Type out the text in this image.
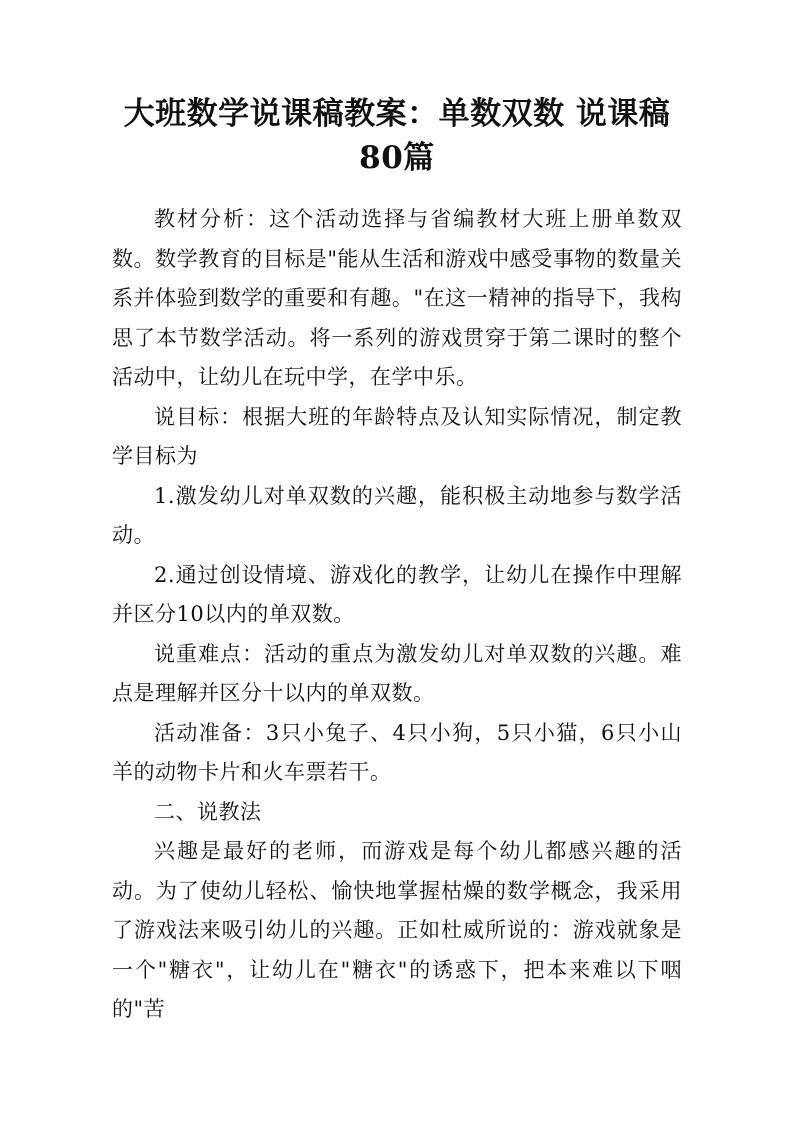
大班数学说课稿教案：单数双数 说课稿 80篇

教材分析：这个活动选择与省编教材大班上册单数双数。数学教育的目标是"能从生活和游戏中感受事物的数量关系并体验到数学的重要和有趣。"在这一精神的指导下，我构思了本节数学活动。将一系列的游戏贯穿于第二课时的整个活动中，让幼儿在玩中学，在学中乐。

说目标：根据大班的年龄特点及认知实际情况，制定教学目标为

1.激发幼儿对单双数的兴趣，能积极主动地参与数学活动。

2.通过创设情境、游戏化的教学，让幼儿在操作中理解并区分10以内的单双数。

说重难点：活动的重点为激发幼儿对单双数的兴趣。难点是理解并区分十以内的单双数。

活动准备：3只小兔子、4只小狗，5只小猫，6只小山羊的动物卡片和火车票若干。

二、说教法

兴趣是最好的老师，而游戏是每个幼儿都感兴趣的活动。为了使幼儿轻松、愉快地掌握枯燥的数学概念，我采用了游戏法来吸引幼儿的兴趣。正如杜威所说的：游戏就象是一个"糖衣"，让幼儿在"糖衣"的诱惑下，把本来难以下咽的"苦
